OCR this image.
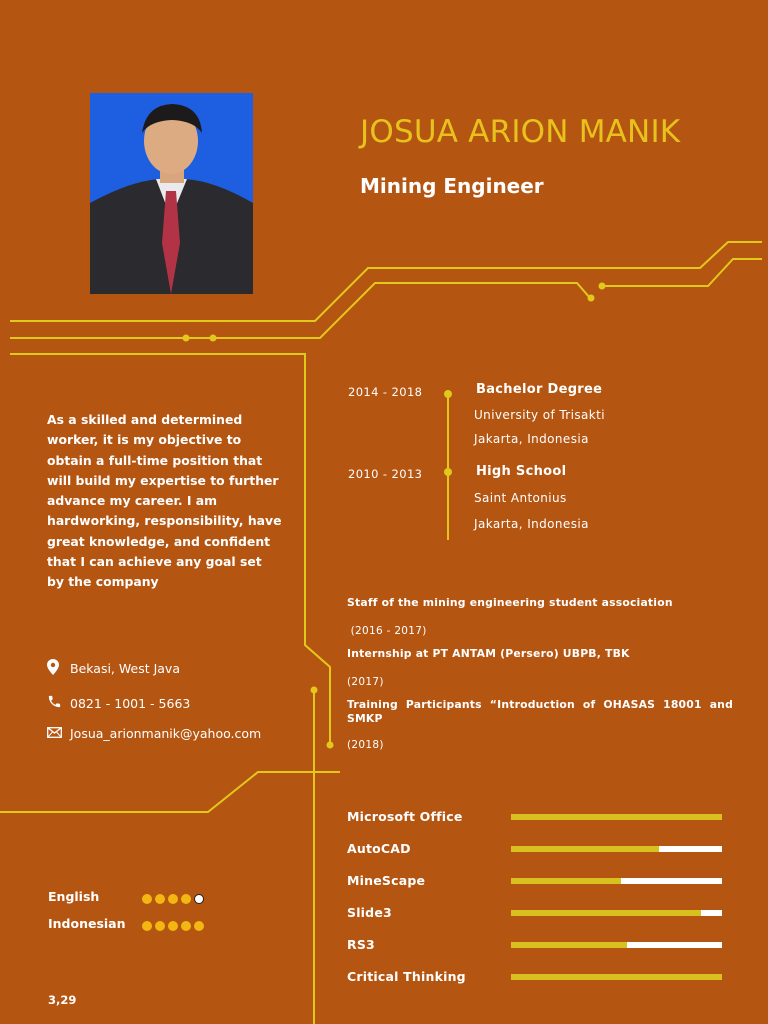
JOSUA ARION MANIK
Mining Engineer
As a skilled and determined worker, it is my objective to obtain a full-time position that will build my expertise to further advance my career. I am hardworking, responsibility, have great knowledge, and confident that I can achieve any goal set by the company
Bekasi, West Java
0821 - 1001 - 5663
Josua_arionmanik@yahoo.com
2014 - 2018	Bachelor Degree
University of Trisakti
Jakarta, Indonesia
2010 - 2013	High School
Saint Antonius
Jakarta, Indonesia
Staff of the mining engineering student association
(2016 - 2017)
Internship at PT ANTAM (Persero) UBPB, TBK
(2017)
Training Participants “Introduction of OHASAS 18001 and SMKP
(2018)
Microsoft Office
AutoCAD
MineScape
Slide3
RS3
Critical Thinking
English
Indonesian
3,29
